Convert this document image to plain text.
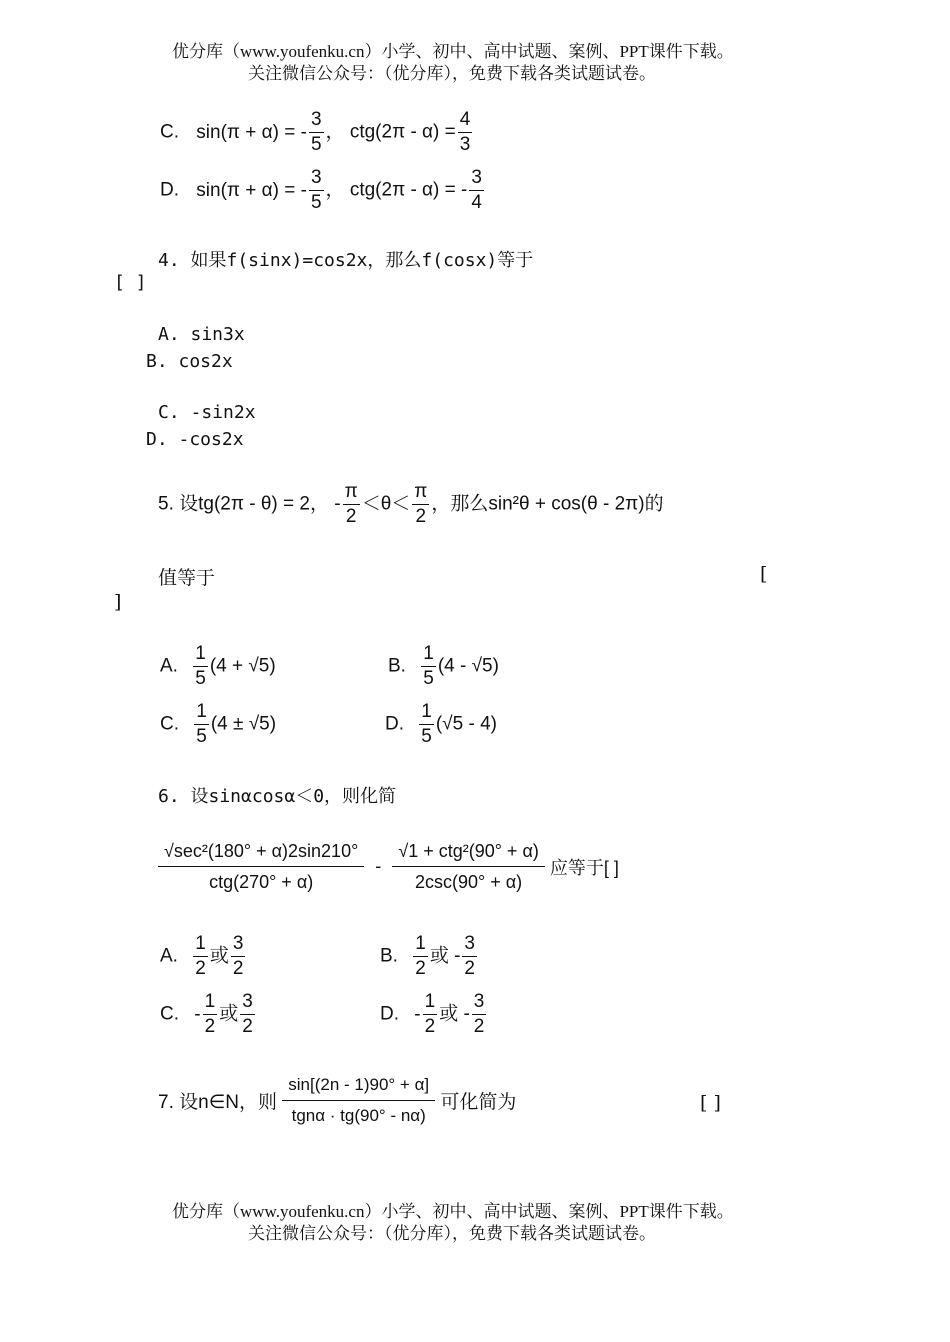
优分库（www.youfenku.cn）小学、初中、高中试题、案例、PPT课件下载。
关注微信公众号：（优分库），免费下载各类试题试卷。
C. sin(π + α) = - $\frac{3}{5}$ ， $ctg(2\pi - \alpha) = \frac{4}{3}$
D. sin(π + α) = - $\frac{3}{5}$ ， ctg(2π - α) = - $\frac{3}{4}$
4. 如果f(sinx)=cos2x，那么f(cosx)等于
[ ]
A. sin3x
B. cos2x
C. -sin2x
D. -cos2x
5. 设tg(2π - θ) = 2， - $\frac{\pi}{2} <\theta< \frac{\pi}{2}$ ，那么sin²θ + cos(θ - 2π)的
值等于	[
]
A. $\frac{1}{5} (4 + √5)$	B. $\frac{1}{5} (4 - √5)$
C. $\frac{1}{5} (4 \pm √5)$	D. $\frac{1}{5} (√5 - 4)$
6. 设sinαcosα＜0，则化简
√sec²(180° + α)2sin210°
ctg(270° + α)
-
√1 + ctg²(90° + α)
2csc(90° + α)
应等于[ ]
A. $\frac{1}{2}$ 或 $\frac{3}{2}$	B. $\frac{1}{2}$ 或 - $\frac{3}{2}$
C. - $\frac{1}{2}$ 或 $\frac{3}{2}$	D. - $\frac{1}{2}$ 或 - $\frac{3}{2}$
7. 设n∈N，则
sin[(2n - 1)90° + α]
tgnα · tg(90° - nα)
可化简为	[ ]
优分库（www.youfenku.cn）小学、初中、高中试题、案例、PPT课件下载。
关注微信公众号：（优分库），免费下载各类试题试卷。
